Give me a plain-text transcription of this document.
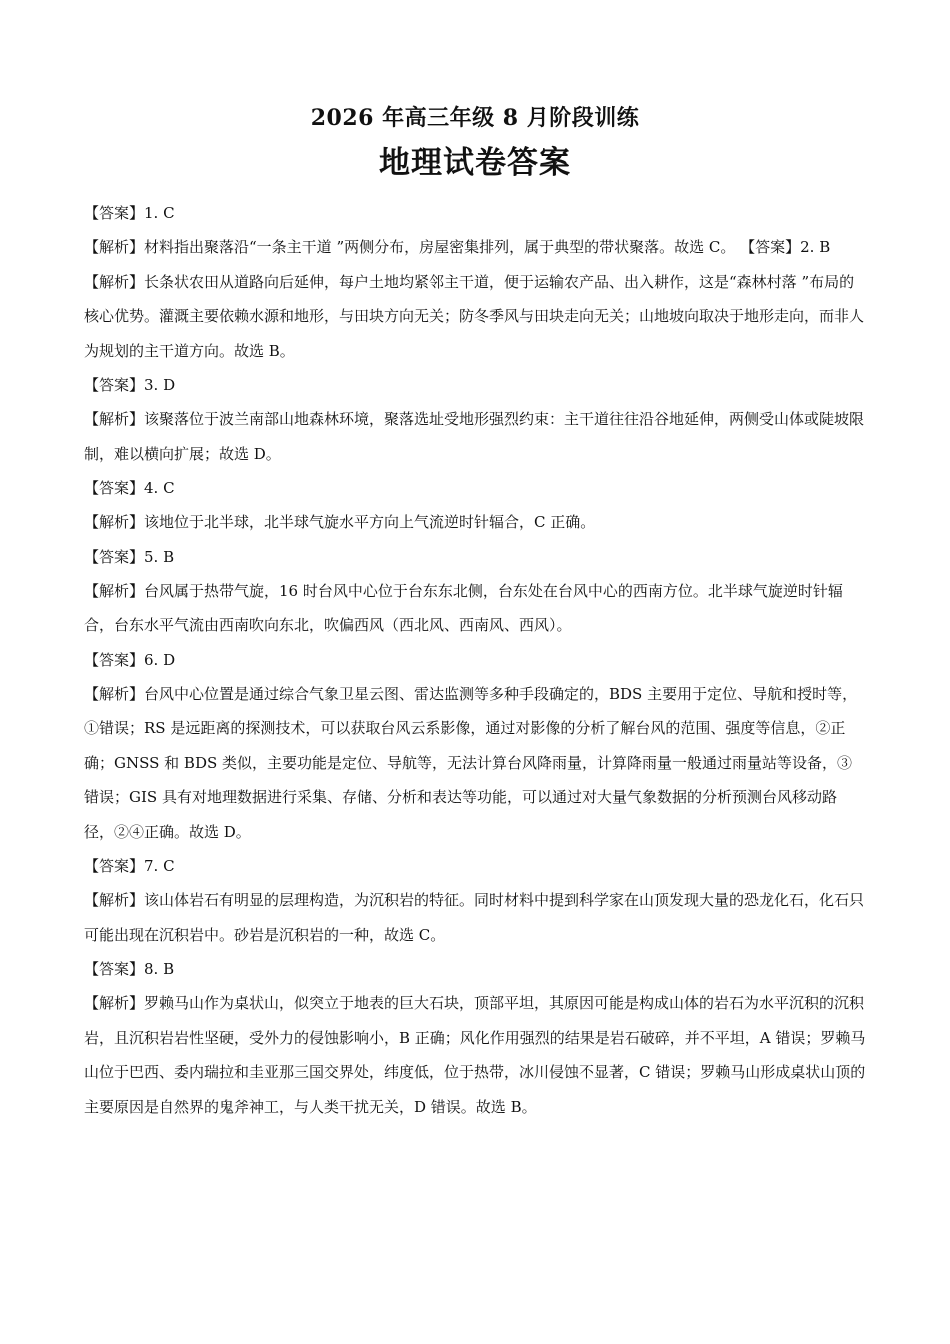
2026 年高三年级 8 月阶段训练
地理试卷答案

【答案】1. C

【解析】材料指出聚落沿“一条主干道 ”两侧分布，房屋密集排列，属于典型的带状聚落。故选 C。 【答案】2. B

【解析】长条状农田从道路向后延伸，每户土地均紧邻主干道，便于运输农产品、出入耕作，这是“森林村落 ”布局的核心优势。灌溉主要依赖水源和地形，与田块方向无关；防冬季风与田块走向无关；山地坡向取决于地形走向，而非人为规划的主干道方向。故选 B。

【答案】3. D

【解析】该聚落位于波兰南部山地森林环境，聚落选址受地形强烈约束：主干道往往沿谷地延伸，两侧受山体或陡坡限制，难以横向扩展；故选 D。

【答案】4. C

【解析】该地位于北半球，北半球气旋水平方向上气流逆时针辐合，C 正确。

【答案】5. B

【解析】台风属于热带气旋，16 时台风中心位于台东东北侧，台东处在台风中心的西南方位。北半球气旋逆时针辐合，台东水平气流由西南吹向东北，吹偏西风（西北风、西南风、西风）。

【答案】6. D

【解析】台风中心位置是通过综合气象卫星云图、雷达监测等多种手段确定的，BDS 主要用于定位、导航和授时等，①错误；RS 是远距离的探测技术，可以获取台风云系影像，通过对影像的分析了解台风的范围、强度等信息，②正确；GNSS 和 BDS 类似，主要功能是定位、导航等，无法计算台风降雨量，计算降雨量一般通过雨量站等设备，③错误；GIS 具有对地理数据进行采集、存储、分析和表达等功能，可以通过对大量气象数据的分析预测台风移动路径，②④正确。故选 D。

【答案】7. C

【解析】该山体岩石有明显的层理构造，为沉积岩的特征。同时材料中提到科学家在山顶发现大量的恐龙化石，化石只可能出现在沉积岩中。砂岩是沉积岩的一种，故选 C。

【答案】8. B

【解析】罗赖马山作为桌状山，似突立于地表的巨大石块，顶部平坦，其原因可能是构成山体的岩石为水平沉积的沉积岩，且沉积岩岩性坚硬，受外力的侵蚀影响小，B 正确；风化作用强烈的结果是岩石破碎，并不平坦，A 错误；罗赖马山位于巴西、委内瑞拉和圭亚那三国交界处，纬度低，位于热带，冰川侵蚀不显著，C 错误；罗赖马山形成桌状山顶的主要原因是自然界的鬼斧神工，与人类干扰无关，D 错误。故选 B。
